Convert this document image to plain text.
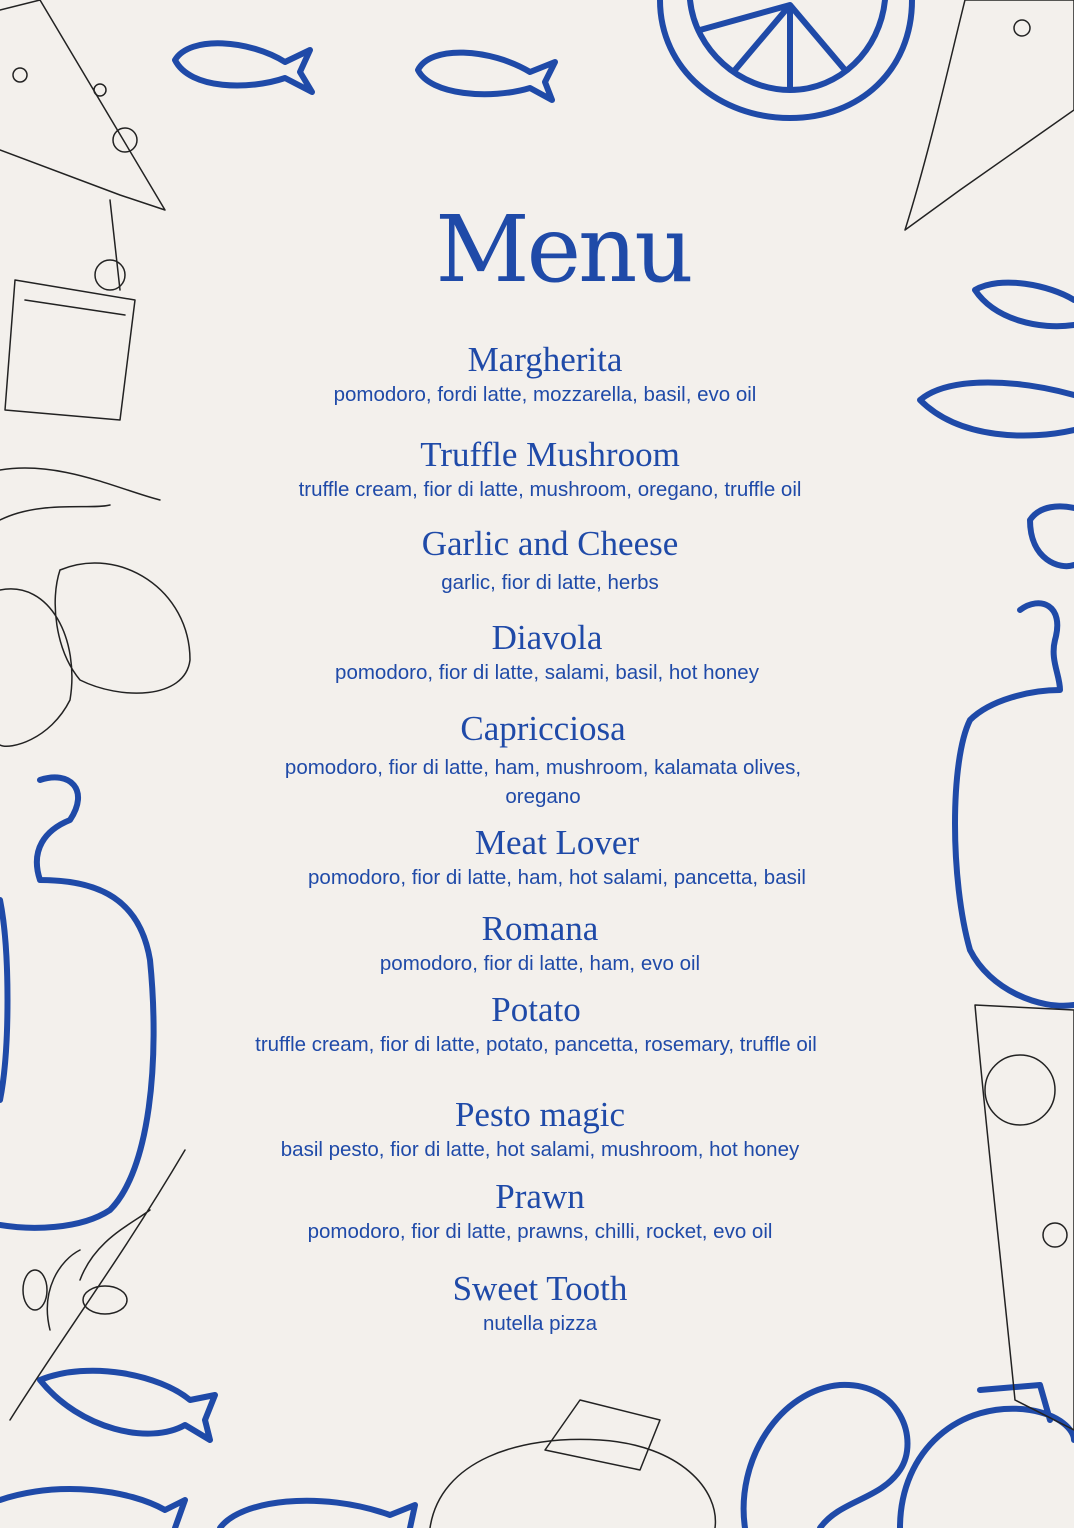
Menu
Margherita

pomodoro, fordi latte, mozzarella, basil, evo oil

Truffle Mushroom

truffle cream, fior di latte, mushroom, oregano, truffle oil

Garlic and Cheese

garlic, fior di latte, herbs

Diavola

pomodoro, fior di latte, salami, basil, hot honey

Capricciosa

pomodoro, fior di latte, ham, mushroom, kalamata olives, oregano

Meat Lover

pomodoro, fior di latte, ham, hot salami, pancetta, basil

Romana

pomodoro, fior di latte, ham, evo oil

Potato

truffle cream, fior di latte, potato, pancetta, rosemary, truffle oil

Pesto magic

basil pesto, fior di latte, hot salami, mushroom, hot honey

Prawn

pomodoro, fior di latte, prawns, chilli, rocket, evo oil

Sweet Tooth

nutella pizza
